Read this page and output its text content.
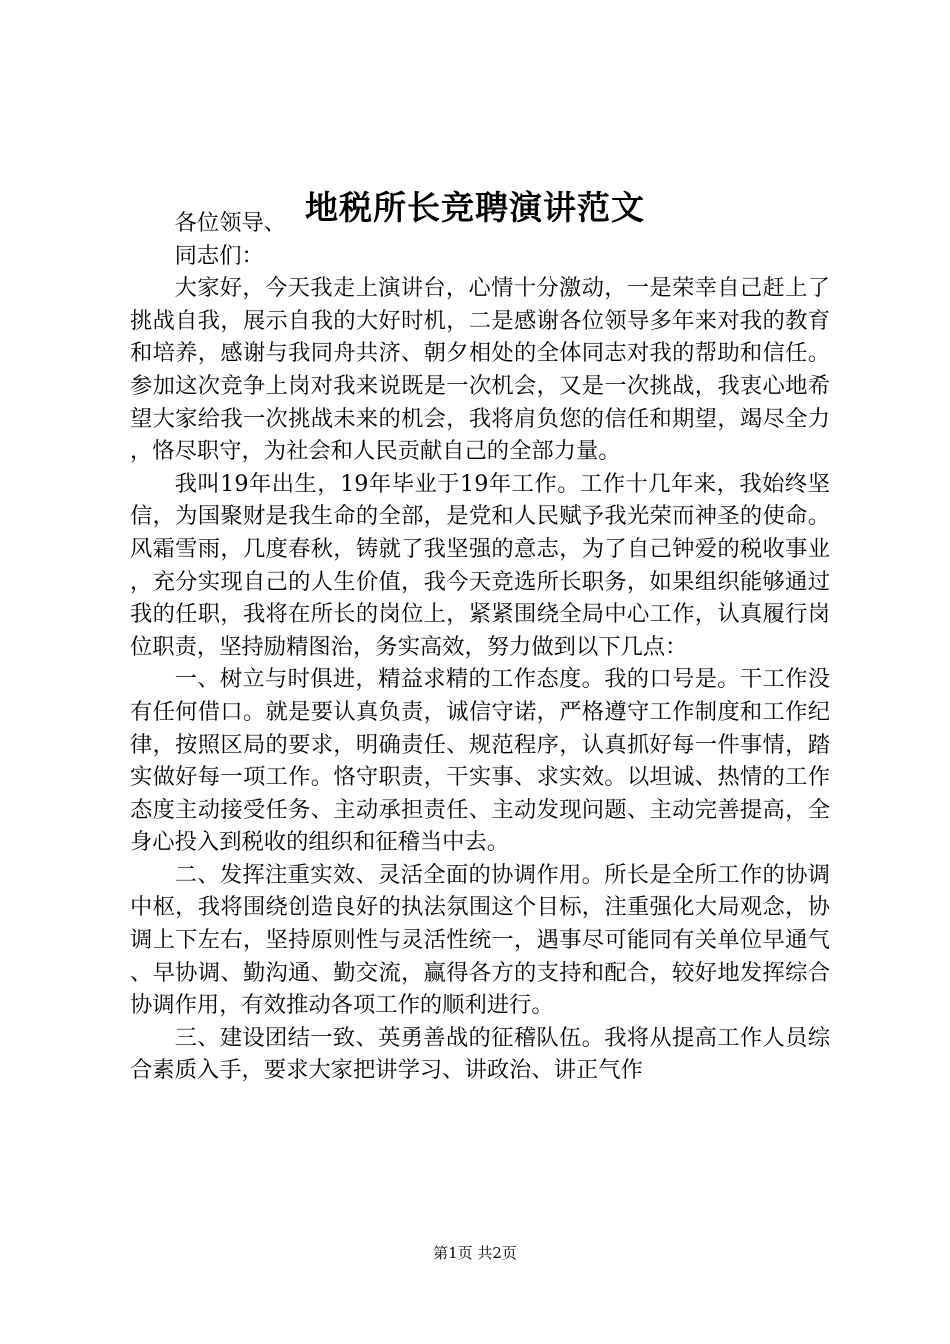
地税所长竞聘演讲范文

各位领导、

同志们：

大家好，今天我走上演讲台，心情十分激动，一是荣幸自己赶上了挑战自我，展示自我的大好时机，二是感谢各位领导多年来对我的教育和培养，感谢与我同舟共济、朝夕相处的全体同志对我的帮助和信任。参加这次竞争上岗对我来说既是一次机会，又是一次挑战，我衷心地希望大家给我一次挑战未来的机会，我将肩负您的信任和期望，竭尽全力，恪尽职守，为社会和人民贡献自己的全部力量。

我叫19年出生，19年毕业于19年工作。工作十几年来，我始终坚信，为国聚财是我生命的全部，是党和人民赋予我光荣而神圣的使命。风霜雪雨，几度春秋，铸就了我坚强的意志，为了自己钟爱的税收事业，充分实现自己的人生价值，我今天竞选所长职务，如果组织能够通过我的任职，我将在所长的岗位上，紧紧围绕全局中心工作，认真履行岗位职责，坚持励精图治，务实高效，努力做到以下几点：

一、树立与时俱进，精益求精的工作态度。我的口号是。干工作没有任何借口。就是要认真负责，诚信守诺，严格遵守工作制度和工作纪律，按照区局的要求，明确责任、规范程序，认真抓好每一件事情，踏实做好每一项工作。恪守职责，干实事、求实效。以坦诚、热情的工作态度主动接受任务、主动承担责任、主动发现问题、主动完善提高，全身心投入到税收的组织和征稽当中去。

二、发挥注重实效、灵活全面的协调作用。所长是全所工作的协调中枢，我将围绕创造良好的执法氛围这个目标，注重强化大局观念，协调上下左右，坚持原则性与灵活性统一，遇事尽可能同有关单位早通气、早协调、勤沟通、勤交流，赢得各方的支持和配合，较好地发挥综合协调作用，有效推动各项工作的顺利进行。

三、建设团结一致、英勇善战的征稽队伍。我将从提高工作人员综合素质入手，要求大家把讲学习、讲政治、讲正气作

第1页 共2页
